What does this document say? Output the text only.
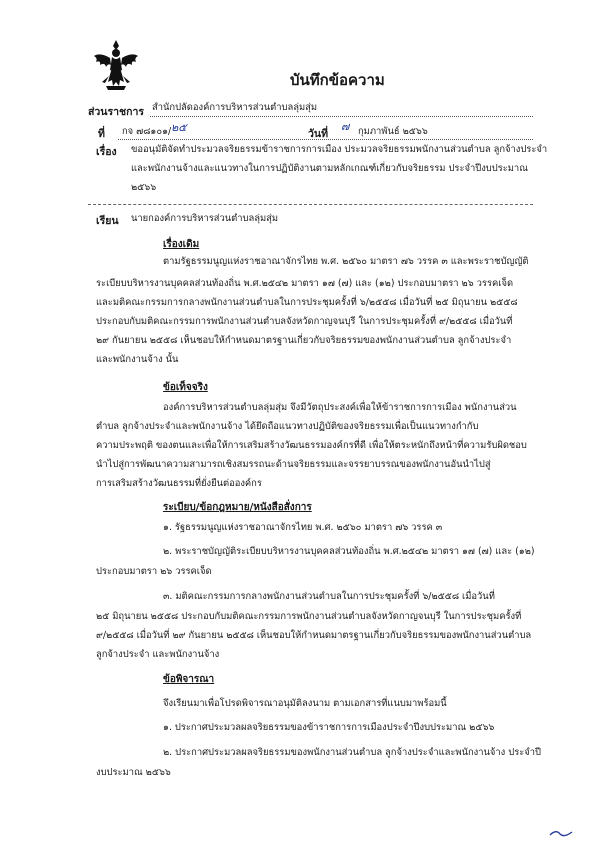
บันทึกข้อความ
ส่วนราชการ สำนักปลัดองค์การบริหารส่วนตำบลลุ่มสุ่ม
ที่ กจ ๗๘๑๐๑/ ๒๕	วันที่
๗ กุมภาพันธ์ ๒๕๖๖
เรื่อง ขออนุมัติจัดทำประมวลจริยธรรมข้าราชการการเมือง ประมวลจริยธรรมพนักงานส่วนตำบล ลูกจ้างประจำ
และพนักงานจ้างและแนวทางในการปฏิบัติงานตามหลักเกณฑ์เกี่ยวกับจริยธรรม ประจำปีงบประมาณ
๒๕๖๖
เรียน นายกองค์การบริหารส่วนตำบลลุ่มสุ่ม
เรื่องเดิม
ตามรัฐธรรมนูญแห่งราชอาณาจักรไทย พ.ศ. ๒๕๖๐ มาตรา ๗๖ วรรค ๓ และพระราชบัญญัติ
ระเบียบบริหารงานบุคคลส่วนท้องถิ่น พ.ศ.๒๕๔๒ มาตรา ๑๗ (๗) และ (๑๒) ประกอบมาตรา ๒๖ วรรคเจ็ด
และมติคณะกรรมการกลางพนักงานส่วนตำบลในการประชุมครั้งที่ ๖/๒๕๕๘ เมื่อวันที่ ๒๕ มิถุนายน ๒๕๕๘
ประกอบกับมติคณะกรรมการพนักงานส่วนตำบลจังหวัดกาญจนบุรี ในการประชุมครั้งที่ ๙/๒๕๕๘ เมื่อวันที่
๒๙ กันยายน ๒๕๕๘ เห็นชอบให้กำหนดมาตรฐานเกี่ยวกับจริยธรรมของพนักงานส่วนตำบล ลูกจ้างประจำ
และพนักงานจ้าง นั้น
ข้อเท็จจริง
องค์การบริหารส่วนตำบลลุ่มสุ่ม จึงมีวัตถุประสงค์เพื่อให้ข้าราชการการเมือง พนักงานส่วน
ตำบล ลูกจ้างประจำและพนักงานจ้าง ได้ยึดถือแนวทางปฏิบัติของจริยธรรมเพื่อเป็นแนวทางกำกับ
ความประพฤติ ของตนและเพื่อให้การเสริมสร้างวัฒนธรรมองค์กรที่ดี เพื่อให้ตระหนักถึงหน้าที่ความรับผิดชอบ
นำไปสู่การพัฒนาความสามารถเชิงสมรรถนะด้านจริยธรรมและจรรยาบรรณของพนักงานอันนำไปสู่
การเสริมสร้างวัฒนธรรมที่ยั่งยืนต่อองค์กร
ระเบียบ/ข้อกฎหมาย/หนังสือสั่งการ
๑. รัฐธรรมนูญแห่งราชอาณาจักรไทย พ.ศ. ๒๕๖๐ มาตรา ๗๖ วรรค ๓
๒. พระราชบัญญัติระเบียบบริหารงานบุคคลส่วนท้องถิ่น พ.ศ.๒๕๔๒ มาตรา ๑๗ (๗) และ (๑๒)
ประกอบมาตรา ๒๖ วรรคเจ็ด
๓. มติคณะกรรมการกลางพนักงานส่วนตำบลในการประชุมครั้งที่ ๖/๒๕๕๘ เมื่อวันที่
๒๕ มิถุนายน ๒๕๕๘ ประกอบกับมติคณะกรรมการพนักงานส่วนตำบลจังหวัดกาญจนบุรี ในการประชุมครั้งที่
๙/๒๕๕๘ เมื่อวันที่ ๒๙ กันยายน ๒๕๕๘ เห็นชอบให้กำหนดมาตรฐานเกี่ยวกับจริยธรรมของพนักงานส่วนตำบล
ลูกจ้างประจำ และพนักงานจ้าง
ข้อพิจารณา
จึงเรียนมาเพื่อโปรดพิจารณาอนุมัติลงนาม ตามเอกสารที่แนบมาพร้อมนี้
๑. ประกาศประมวลผลจริยธรรมของข้าราชการการเมืองประจำปีงบประมาณ ๒๕๖๖
๒. ประกาศประมวลผลจริยธรรมของพนักงานส่วนตำบล ลูกจ้างประจำและพนักงานจ้าง ประจำปี
งบประมาณ ๒๕๖๖
